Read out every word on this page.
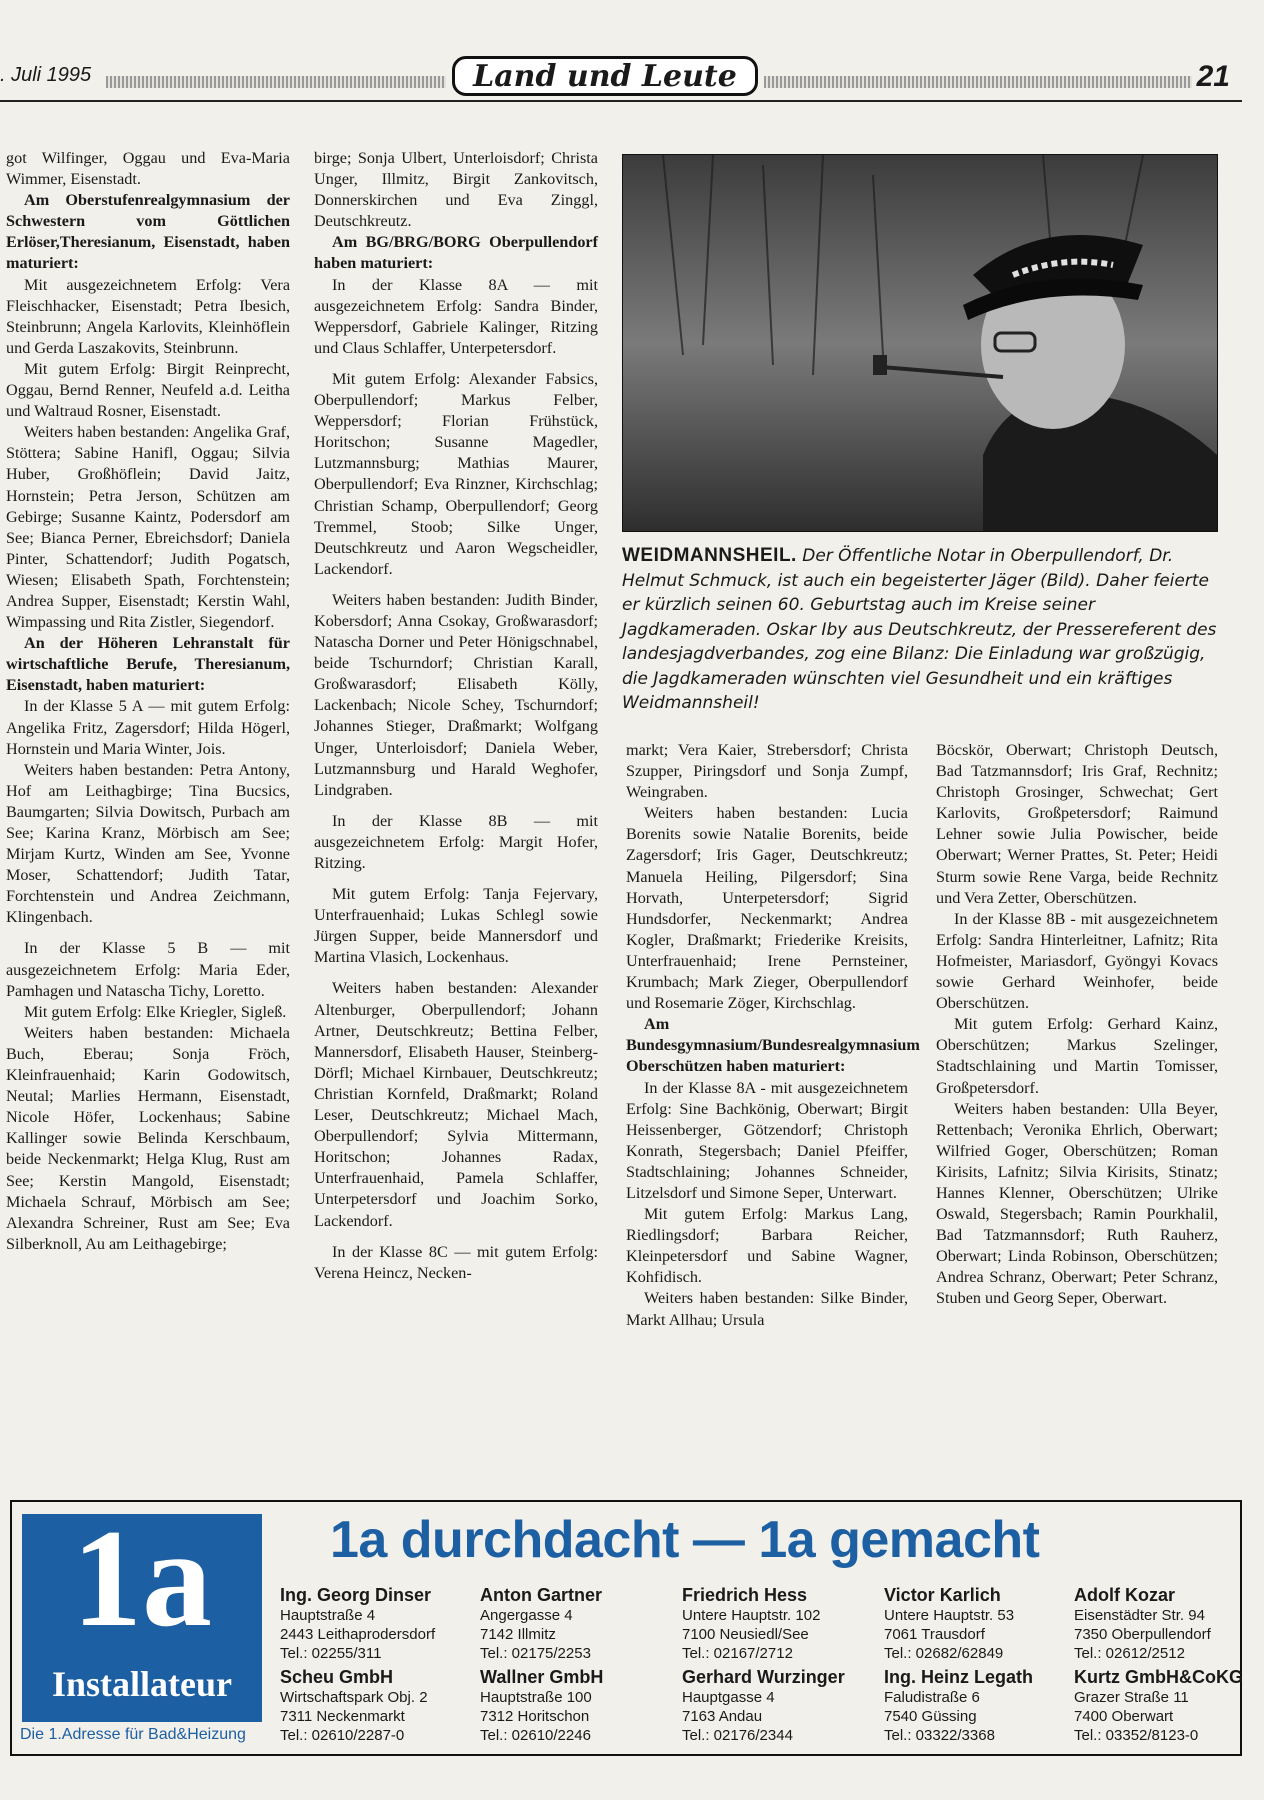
. Juli 1995	Land und Leute	21

got Wilfinger, Oggau und Eva-Maria Wimmer, Eisenstadt.

Am Oberstufenrealgymnasium der Schwestern vom Göttlichen Erlöser,Theresianum, Eisenstadt, haben maturiert:

Mit ausgezeichnetem Erfolg: Vera Fleischhacker, Eisenstadt; Petra Ibesich, Steinbrunn; Angela Karlovits, Kleinhöflein und Gerda Laszakovits, Steinbrunn.

Mit gutem Erfolg: Birgit Reinprecht, Oggau, Bernd Renner, Neufeld a.d. Leitha und Waltraud Rosner, Eisenstadt.

Weiters haben bestanden: Angelika Graf, Stöttera; Sabine Hanifl, Oggau; Silvia Huber, Großhöflein; David Jaitz, Hornstein; Petra Jerson, Schützen am Gebirge; Susanne Kaintz, Podersdorf am See; Bianca Perner, Ebreichsdorf; Daniela Pinter, Schattendorf; Judith Pogatsch, Wiesen; Elisabeth Spath, Forchtenstein; Andrea Supper, Eisenstadt; Kerstin Wahl, Wimpassing und Rita Zistler, Siegendorf.

An der Höheren Lehranstalt für wirtschaftliche Berufe, Theresianum, Eisenstadt, haben maturiert:

In der Klasse 5 A — mit gutem Erfolg: Angelika Fritz, Zagersdorf; Hilda Högerl, Hornstein und Maria Winter, Jois.

Weiters haben bestanden: Petra Antony, Hof am Leithagbirge; Tina Bucsics, Baumgarten; Silvia Dowitsch, Purbach am See; Karina Kranz, Mörbisch am See; Mirjam Kurtz, Winden am See, Yvonne Moser, Schattendorf; Judith Tatar, Forchtenstein und Andrea Zeichmann, Klingenbach.

In der Klasse 5 B — mit ausgezeichnetem Erfolg: Maria Eder, Pamhagen und Natascha Tichy, Loretto.

Mit gutem Erfolg: Elke Kriegler, Sigleß.

Weiters haben bestanden: Michaela Buch, Eberau; Sonja Fröch, Kleinfrauenhaid; Karin Godowitsch, Neutal; Marlies Hermann, Eisenstadt, Nicole Höfer, Lockenhaus; Sabine Kallinger sowie Belinda Kerschbaum, beide Neckenmarkt; Helga Klug, Rust am See; Kerstin Mangold, Eisenstadt; Michaela Schrauf, Mörbisch am See; Alexandra Schreiner, Rust am See; Eva Silberknoll, Au am Leithagebirge;

birge; Sonja Ulbert, Unterloisdorf; Christa Unger, Illmitz, Birgit Zankovitsch, Donnerskirchen und Eva Zinggl, Deutschkreutz.

Am BG/BRG/BORG Oberpullendorf haben maturiert:

In der Klasse 8A — mit ausgezeichnetem Erfolg: Sandra Binder, Weppersdorf, Gabriele Kalinger, Ritzing und Claus Schlaffer, Unterpetersdorf.

Mit gutem Erfolg: Alexander Fabsics, Oberpullendorf; Markus Felber, Weppersdorf; Florian Frühstück, Horitschon; Susanne Magedler, Lutzmannsburg; Mathias Maurer, Oberpullendorf; Eva Rinzner, Kirchschlag; Christian Schamp, Oberpullendorf; Georg Tremmel, Stoob; Silke Unger, Deutschkreutz und Aaron Wegscheidler, Lackendorf.

Weiters haben bestanden: Judith Binder, Kobersdorf; Anna Csokay, Großwarasdorf; Natascha Dorner und Peter Hönigschnabel, beide Tschurndorf; Christian Karall, Großwarasdorf; Elisabeth Kölly, Lackenbach; Nicole Schey, Tschurndorf; Johannes Stieger, Draßmarkt; Wolfgang Unger, Unterloisdorf; Daniela Weber, Lutzmannsburg und Harald Weghofer, Lindgraben.

In der Klasse 8B — mit ausgezeichnetem Erfolg: Margit Hofer, Ritzing.

Mit gutem Erfolg: Tanja Fejervary, Unterfrauenhaid; Lukas Schlegl sowie Jürgen Supper, beide Mannersdorf und Martina Vlasich, Lockenhaus.

Weiters haben bestanden: Alexander Altenburger, Oberpullendorf; Johann Artner, Deutschkreutz; Bettina Felber, Mannersdorf, Elisabeth Hauser, Steinberg-Dörfl; Michael Kirnbauer, Deutschkreutz; Christian Kornfeld, Draßmarkt; Roland Leser, Deutschkreutz; Michael Mach, Oberpullendorf; Sylvia Mittermann, Horitschon; Johannes Radax, Unterfrauenhaid, Pamela Schlaffer, Unterpetersdorf und Joachim Sorko, Lackendorf.

In der Klasse 8C — mit gutem Erfolg: Verena Heincz, Necken-

WEIDMANNSHEIL. Der Öffentliche Notar in Oberpullendorf, Dr. Helmut Schmuck, ist auch ein begeisterter Jäger (Bild). Daher feierte er kürzlich seinen 60. Geburtstag auch im Kreise seiner Jagdkameraden. Oskar Iby aus Deutschkreutz, der Pressereferent des landesjagdverbandes, zog eine Bilanz: Die Einladung war großzügig, die Jagdkameraden wünschten viel Gesundheit und ein kräftiges Weidmannsheil!

markt; Vera Kaier, Strebersdorf; Christa Szupper, Piringsdorf und Sonja Zumpf, Weingraben.

Weiters haben bestanden: Lucia Borenits sowie Natalie Borenits, beide Zagersdorf; Iris Gager, Deutschkreutz; Manuela Heiling, Pilgersdorf; Sina Horvath, Unterpetersdorf; Sigrid Hundsdorfer, Neckenmarkt; Andrea Kogler, Draßmarkt; Friederike Kreisits, Unterfrauenhaid; Irene Pernsteiner, Krumbach; Mark Zieger, Oberpullendorf und Rosemarie Zöger, Kirchschlag.

Am Bundesgymnasium/Bundesrealgymnasium Oberschützen haben maturiert:

In der Klasse 8A - mit ausgezeichnetem Erfolg: Sine Bachkönig, Oberwart; Birgit Heissenberger, Götzendorf; Christoph Konrath, Stegersbach; Daniel Pfeiffer, Stadtschlaining; Johannes Schneider, Litzelsdorf und Simone Seper, Unterwart.

Mit gutem Erfolg: Markus Lang, Riedlingsdorf; Barbara Reicher, Kleinpetersdorf und Sabine Wagner, Kohfidisch.

Weiters haben bestanden: Silke Binder, Markt Allhau; Ursula

Böcskör, Oberwart; Christoph Deutsch, Bad Tatzmannsdorf; Iris Graf, Rechnitz; Christoph Grosinger, Schwechat; Gert Karlovits, Großpetersdorf; Raimund Lehner sowie Julia Powischer, beide Oberwart; Werner Prattes, St. Peter; Heidi Sturm sowie Rene Varga, beide Rechnitz und Vera Zetter, Oberschützen.

In der Klasse 8B - mit ausgezeichnetem Erfolg: Sandra Hinterleitner, Lafnitz; Rita Hofmeister, Mariasdorf, Gyöngyi Kovacs sowie Gerhard Weinhofer, beide Oberschützen.

Mit gutem Erfolg: Gerhard Kainz, Oberschützen; Markus Szelinger, Stadtschlaining und Martin Tomisser, Großpetersdorf.

Weiters haben bestanden: Ulla Beyer, Rettenbach; Veronika Ehrlich, Oberwart; Wilfried Goger, Oberschützen; Roman Kirisits, Lafnitz; Silvia Kirisits, Stinatz; Hannes Klenner, Oberschützen; Ulrike Oswald, Stegersbach; Ramin Pourkhalil, Bad Tatzmannsdorf; Ruth Rauherz, Oberwart; Linda Robinson, Oberschützen; Andrea Schranz, Oberwart; Peter Schranz, Stuben und Georg Seper, Oberwart.

1a
Installateur
Die 1.Adresse für Bad&Heizung
1a durchdacht — 1a gemacht
Ing. Georg Dinser
Hauptstraße 4
2443 Leithaprodersdorf
Tel.: 02255/311
Anton Gartner
Angergasse 4
7142 Illmitz
Tel.: 02175/2253
Friedrich Hess
Untere Hauptstr. 102
7100 Neusiedl/See
Tel.: 02167/2712
Victor Karlich
Untere Hauptstr. 53
7061 Trausdorf
Tel.: 02682/62849
Adolf Kozar
Eisenstädter Str. 94
7350 Oberpullendorf
Tel.: 02612/2512
Scheu GmbH
Wirtschaftspark Obj. 2
7311 Neckenmarkt
Tel.: 02610/2287-0
Wallner GmbH
Hauptstraße 100
7312 Horitschon
Tel.: 02610/2246
Gerhard Wurzinger
Hauptgasse 4
7163 Andau
Tel.: 02176/2344
Ing. Heinz Legath
Faludistraße 6
7540 Güssing
Tel.: 03322/3368
Kurtz GmbH&CoKG
Grazer Straße 11
7400 Oberwart
Tel.: 03352/8123-0
